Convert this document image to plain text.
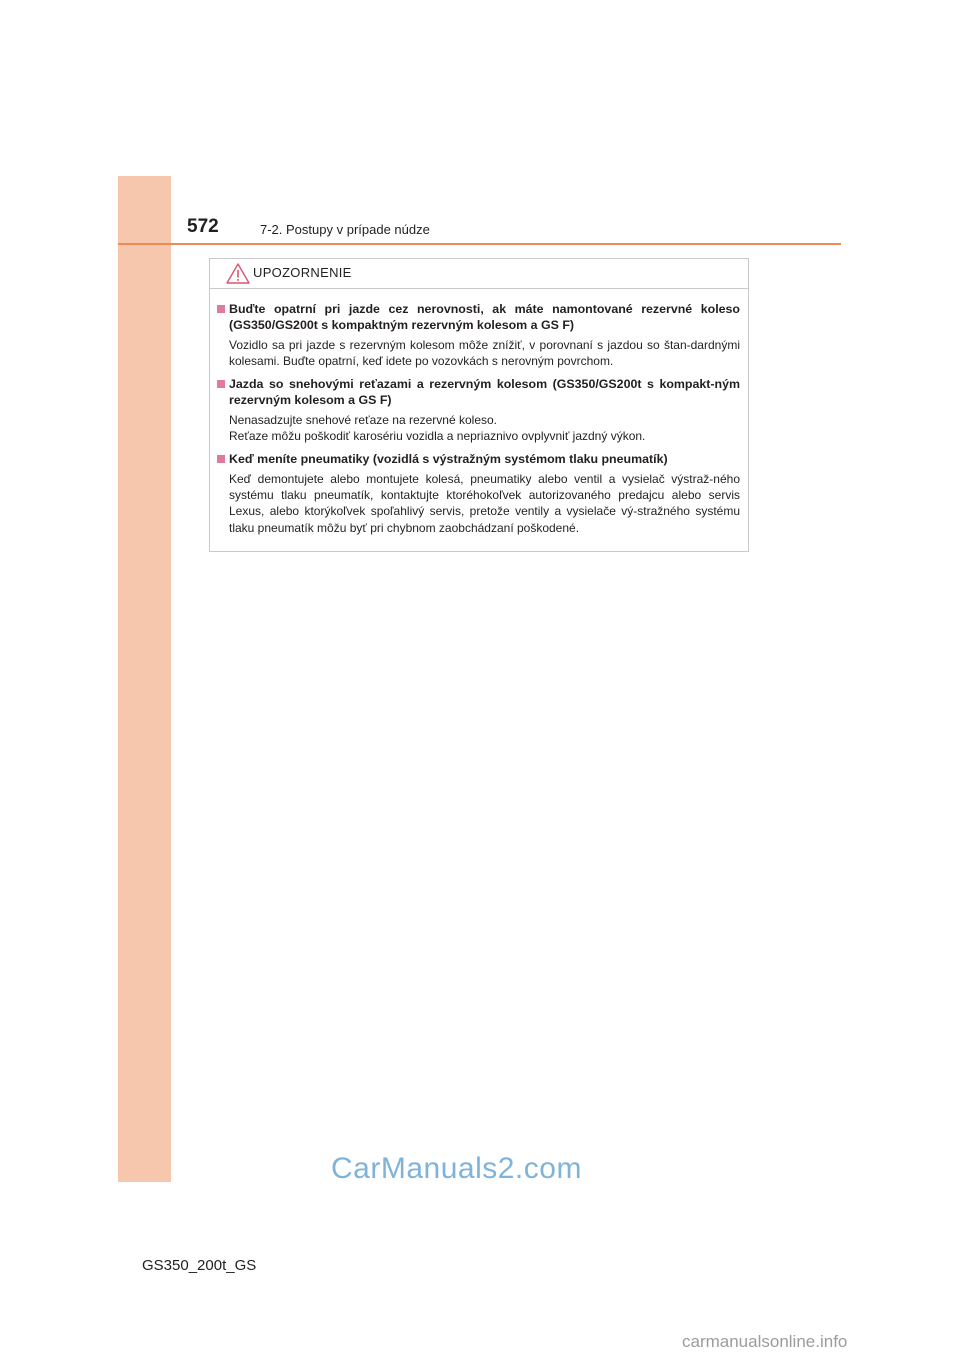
572	7-2. Postupy v prípade núdze
UPOZORNENIE
Buďte opatrní pri jazde cez nerovnosti, ak máte namontované rezervné koleso (GS350/GS200t s kompaktným rezervným kolesom a GS F)
Vozidlo sa pri jazde s rezervným kolesom môže znížiť, v porovnaní s jazdou so štan-dardnými kolesami. Buďte opatrní, keď idete po vozovkách s nerovným povrchom.
Jazda so snehovými reťazami a rezervným kolesom (GS350/GS200t s kompakt-ným rezervným kolesom a GS F)
Nenasadzujte snehové reťaze na rezervné koleso.
Reťaze môžu poškodiť karosériu vozidla a nepriaznivo ovplyvniť jazdný výkon.
Keď meníte pneumatiky (vozidlá s výstražným systémom tlaku pneumatík)
Keď demontujete alebo montujete kolesá, pneumatiky alebo ventil a vysielač výstraž-ného systému tlaku pneumatík, kontaktujte ktoréhokoľvek autorizovaného predajcu alebo servis Lexus, alebo ktorýkoľvek spoľahlivý servis, pretože ventily a vysielače vý-stražného systému tlaku pneumatík môžu byť pri chybnom zaobchádzaní poškodené.
CarManuals2.com
GS350_200t_GS
carmanualsonline.info
